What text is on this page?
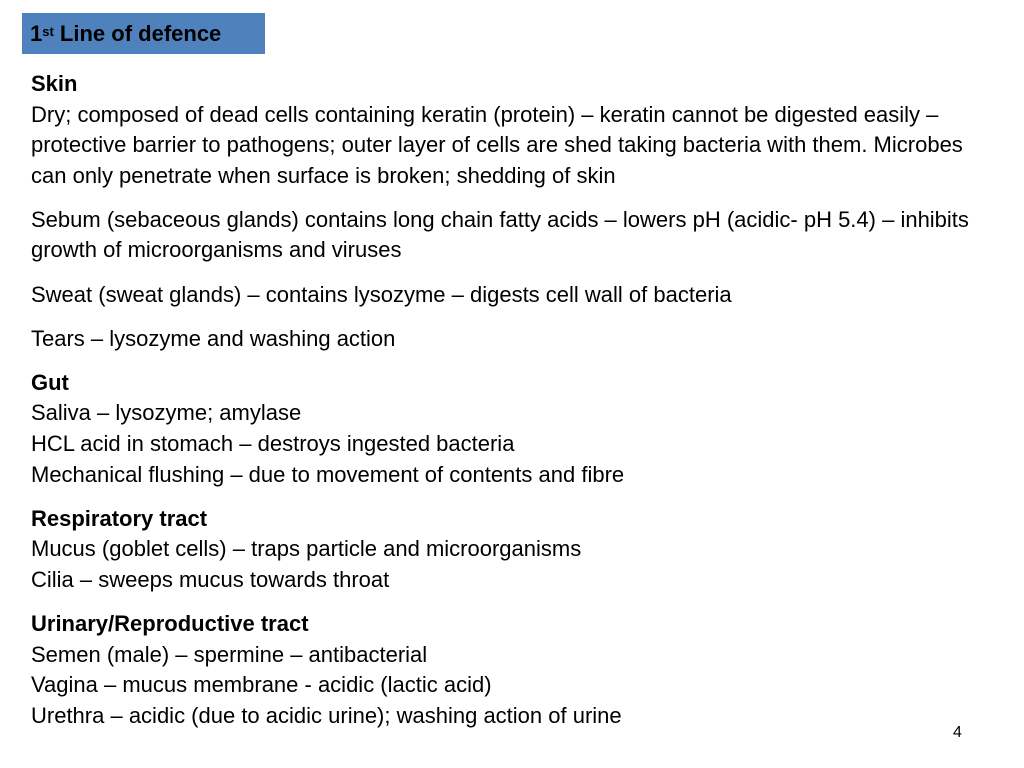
1st Line of defence
Skin
Dry; composed of dead cells containing keratin (protein) – keratin cannot be digested easily – protective barrier to pathogens; outer layer of cells are shed taking bacteria with them. Microbes can only penetrate when surface is broken; shedding of skin
Sebum (sebaceous glands) contains long chain fatty acids – lowers pH (acidic- pH 5.4) – inhibits growth of microorganisms and viruses
Sweat (sweat glands) – contains lysozyme – digests cell wall of bacteria
Tears – lysozyme and washing action
Gut
Saliva – lysozyme; amylase
HCL acid in stomach – destroys ingested bacteria
Mechanical flushing – due to movement of contents and fibre
Respiratory tract
Mucus (goblet cells) – traps particle and microorganisms
Cilia – sweeps mucus towards throat
Urinary/Reproductive tract
Semen (male) – spermine – antibacterial
Vagina – mucus membrane - acidic (lactic acid)
Urethra – acidic (due to acidic urine); washing action of urine
4
